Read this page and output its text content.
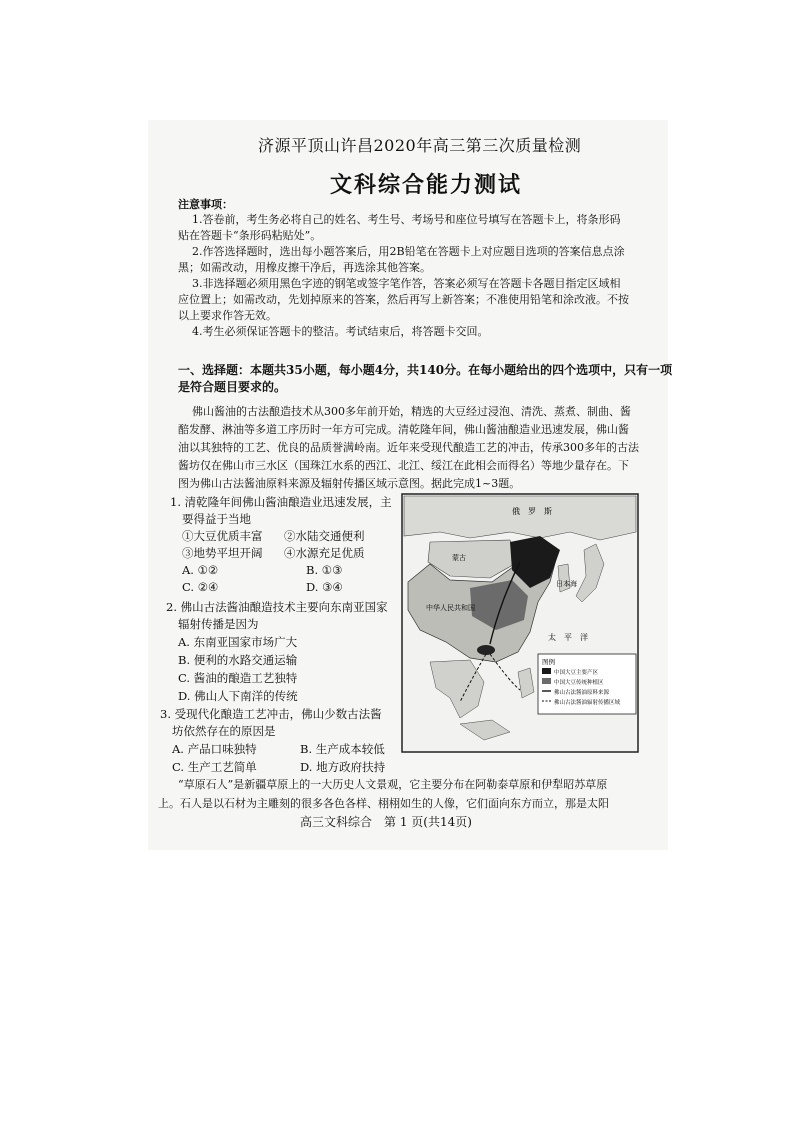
济源平顶山许昌2020年高三第三次质量检测
文科综合能力测试
注意事项：
1.答卷前，考生务必将自己的姓名、考生号、考场号和座位号填写在答题卡上，将条形码
贴在答题卡“条形码粘贴处”。
2.作答选择题时，选出每小题答案后，用2B铅笔在答题卡上对应题目选项的答案信息点涂
黑；如需改动，用橡皮擦干净后，再选涂其他答案。
3.非选择题必须用黑色字迹的钢笔或签字笔作答，答案必须写在答题卡各题目指定区域相
应位置上；如需改动，先划掉原来的答案，然后再写上新答案；不准使用铅笔和涂改液。不按
以上要求作答无效。
4.考生必须保证答题卡的整洁。考试结束后，将答题卡交回。
一、选择题：本题共35小题，每小题4分，共140分。在每小题给出的四个选项中，只有一项
是符合题目要求的。
佛山酱油的古法酿造技术从300多年前开始，精选的大豆经过浸泡、清洗、蒸煮、制曲、酱
醅发酵、淋油等多道工序历时一年方可完成。清乾隆年间，佛山酱油酿造业迅速发展，佛山酱
油以其独特的工艺、优良的品质誉满岭南。近年来受现代酿造工艺的冲击，传承300多年的古法
酱坊仅在佛山市三水区（国珠江水系的西江、北江、绥江在此相会而得名）等地少量存在。下
图为佛山古法酱油原料来源及辐射传播区域示意图。据此完成1~3题。
1. 清乾隆年间佛山酱油酿造业迅速发展，主
要得益于当地
①大豆优质丰富 ②水陆交通便利
③地势平坦开阔 ④水源充足优质
A. ①②	B. ①③
C. ②④	D. ③④
2. 佛山古法酱油酿造技术主要向东南亚国家
辐射传播是因为
A. 东南亚国家市场广大
B. 便利的水路交通运输
C. 酱油的酿造工艺独特
D. 佛山人下南洋的传统
3. 受现代化酿造工艺冲击，佛山少数古法酱
坊依然存在的原因是
A. 产品口味独特	B. 生产成本较低
C. 生产工艺简单	D. 地方政府扶持
“草原石人”是新疆草原上的一大历史人文景观，它主要分布在阿勒泰草原和伊犁昭苏草原
上。石人是以石材为主雕刻的很多各色各样、栩栩如生的人像，它们面向东方而立，那是太阳
高三文科综合　第 1 页(共14页)
俄　罗　斯
蒙古
中华人民共和国
日本海
太　平　洋
图例
中国大豆主要产区
中国大豆传统种植区
佛山古法酱油原料来源
佛山古法酱油辐射传播区域
